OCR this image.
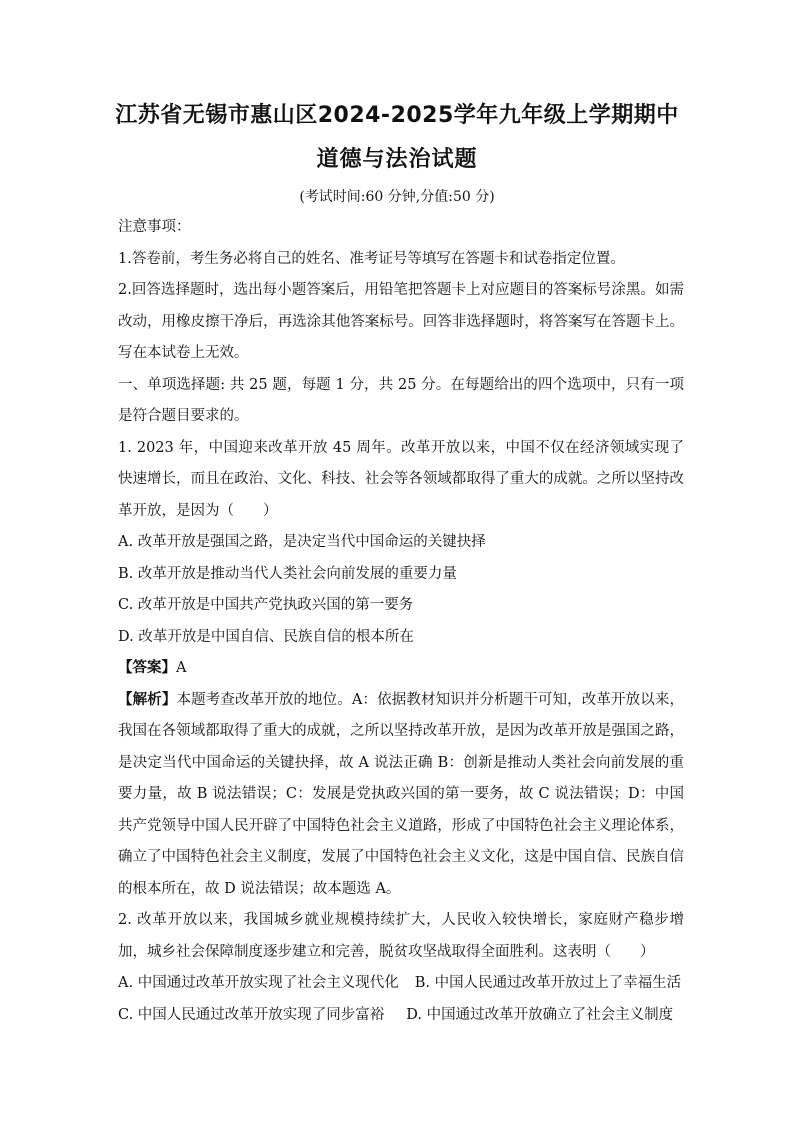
江苏省无锡市惠山区2024-2025学年九年级上学期期中
道德与法治试题
(考试时间:60 分钟,分值:50 分)

注意事项：

1.答卷前，考生务必将自己的姓名、准考证号等填写在答题卡和试卷指定位置。

2.回答选择题时，选出每小题答案后，用铅笔把答题卡上对应题目的答案标号涂黑。如需改动，用橡皮擦干净后，再选涂其他答案标号。回答非选择题时，将答案写在答题卡上。写在本试卷上无效。

一、单项选择题: 共 25 题，每题 1 分，共 25 分。在每题给出的四个选项中，只有一项是符合题目要求的。

1. 2023 年，中国迎来改革开放 45 周年。改革开放以来，中国不仅在经济领域实现了快速增长，而且在政治、文化、科技、社会等各领域都取得了重大的成就。之所以坚持改革开放，是因为（　　）

A. 改革开放是强国之路，是决定当代中国命运的关键抉择

B. 改革开放是推动当代人类社会向前发展的重要力量

C. 改革开放是中国共产党执政兴国的第一要务

D. 改革开放是中国自信、民族自信的根本所在

【答案】A

【解析】本题考查改革开放的地位。A：依据教材知识并分析题干可知，改革开放以来，我国在各领域都取得了重大的成就，之所以坚持改革开放，是因为改革开放是强国之路，是决定当代中国命运的关键抉择，故 A 说法正确 B：创新是推动人类社会向前发展的重要力量，故 B 说法错误；C：发展是党执政兴国的第一要务，故 C 说法错误；D：中国共产党领导中国人民开辟了中国特色社会主义道路，形成了中国特色社会主义理论体系，确立了中国特色社会主义制度，发展了中国特色社会主义文化，这是中国自信、民族自信的根本所在，故 D 说法错误；故本题选 A。

2. 改革开放以来，我国城乡就业规模持续扩大，人民收入较快增长，家庭财产稳步增加，城乡社会保障制度逐步建立和完善，脱贫攻坚战取得全面胜利。这表明（　　）

A. 中国通过改革开放实现了社会主义现代化 B. 中国人民通过改革开放过上了幸福生活
C. 中国人民通过改革开放实现了同步富裕 D. 中国通过改革开放确立了社会主义制度
